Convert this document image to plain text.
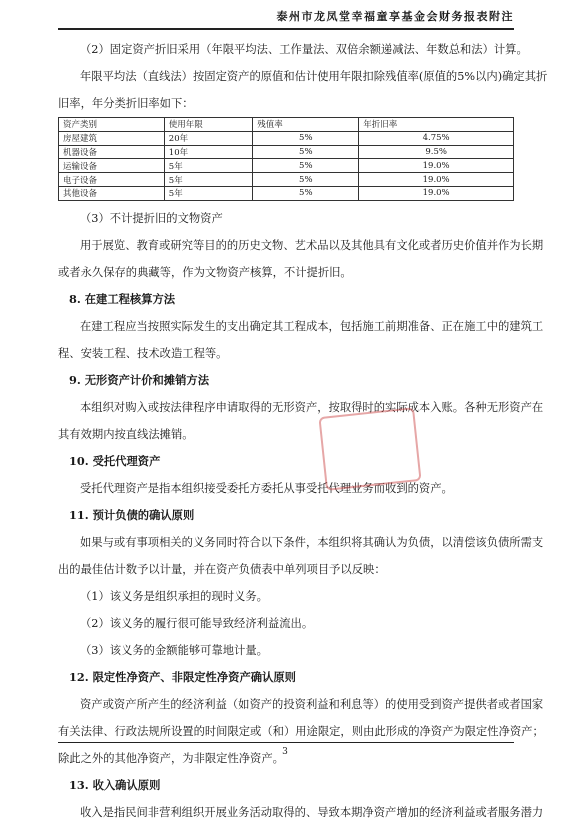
泰州市龙凤堂幸福童享基金会财务报表附注

（2）固定资产折旧采用（年限平均法、工作量法、双倍余额递减法、年数总和法）计算。

年限平均法（直线法）按固定资产的原值和估计使用年限扣除残值率(原值的5%以内)确定其折

旧率，年分类折旧率如下：

资产类别	使用年限	残值率	年折旧率
房屋建筑	20年	5%	4.75%
机器设备	10年	5%	9.5%
运输设备	5年	5%	19.0%
电子设备	5年	5%	19.0%
其他设备	5年	5%	19.0%

（3）不计提折旧的文物资产

用于展览、教育或研究等目的的历史文物、艺术品以及其他具有文化或者历史价值并作为长期

或者永久保存的典藏等，作为文物资产核算，不计提折旧。

8. 在建工程核算方法

在建工程应当按照实际发生的支出确定其工程成本，包括施工前期准备、正在施工中的建筑工

程、安装工程、技术改造工程等。

9. 无形资产计价和摊销方法

本组织对购入或按法律程序申请取得的无形资产，按取得时的实际成本入账。各种无形资产在

其有效期内按直线法摊销。

10. 受托代理资产

受托代理资产是指本组织接受委托方委托从事受托代理业务而收到的资产。

11. 预计负债的确认原则

如果与或有事项相关的义务同时符合以下条件，本组织将其确认为负债，以清偿该负债所需支

出的最佳估计数予以计量，并在资产负债表中单列项目予以反映：

（1）该义务是组织承担的现时义务。

（2）该义务的履行很可能导致经济利益流出。

（3）该义务的金额能够可靠地计量。

12. 限定性净资产、非限定性净资产确认原则

资产或资产所产生的经济利益（如资产的投资利益和利息等）的使用受到资产提供者或者国家

有关法律、行政法规所设置的时间限定或（和）用途限定，则由此形成的净资产为限定性净资产；

除此之外的其他净资产，为非限定性净资产。

13. 收入确认原则

收入是指民间非营利组织开展业务活动取得的、导致本期净资产增加的经济利益或者服务潜力

3
